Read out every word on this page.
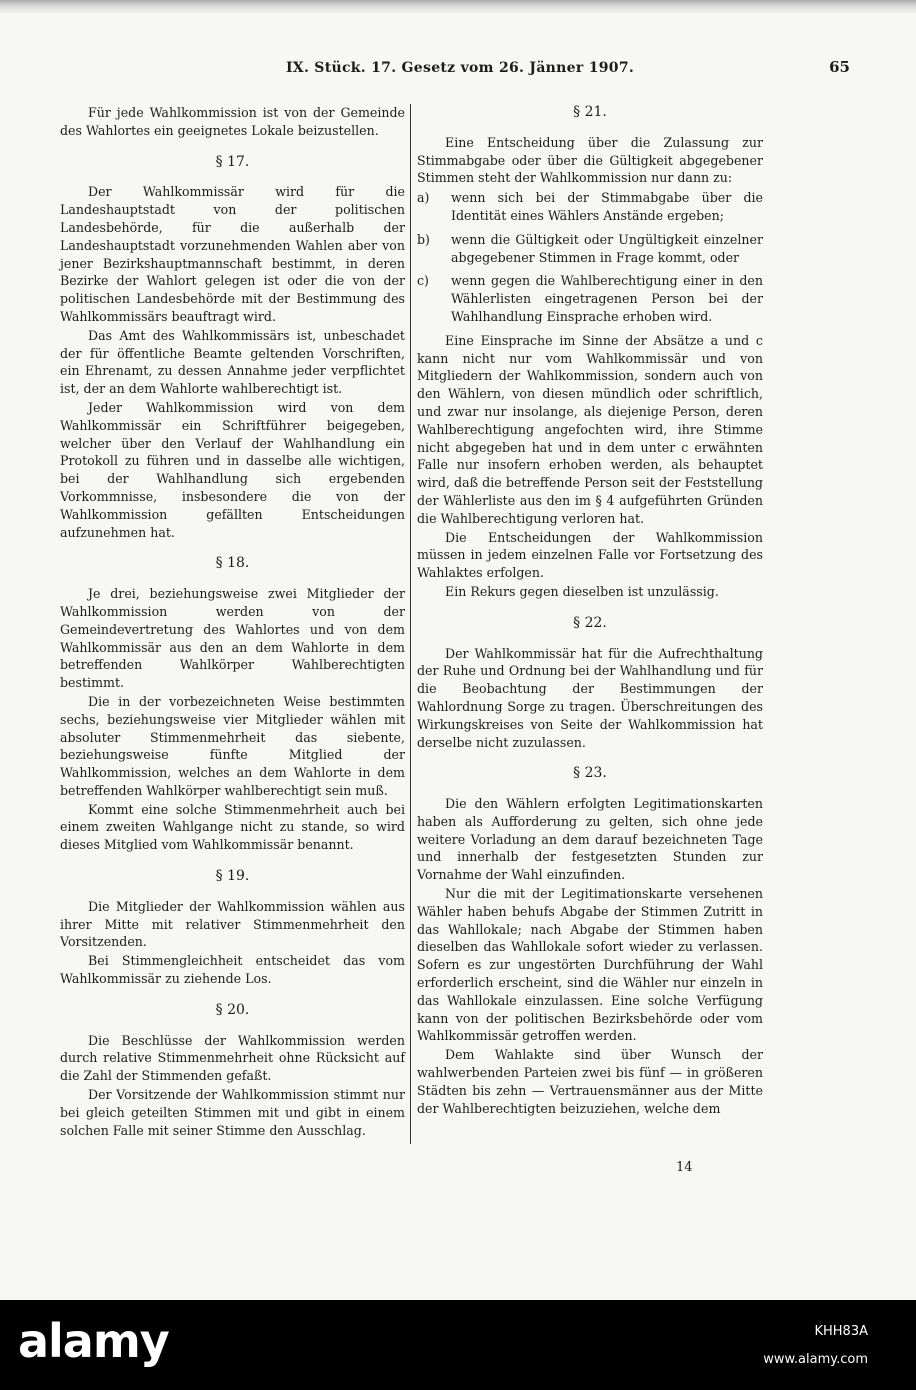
IX. Stück. 17. Gesetz vom 26. Jänner 1907.	65

Für jede Wahlkommission ist von der Gemeinde des Wahlortes ein geeignetes Lokale beizustellen.

§ 17.

Der Wahlkommissär wird für die Landeshauptstadt von der politischen Landesbehörde, für die außerhalb der Landeshauptstadt vorzunehmenden Wahlen aber von jener Bezirkshauptmannschaft bestimmt, in deren Bezirke der Wahlort gelegen ist oder die von der politischen Landesbehörde mit der Bestimmung des Wahlkommissärs beauftragt wird.

Das Amt des Wahlkommissärs ist, unbeschadet der für öffentliche Beamte geltenden Vorschriften, ein Ehrenamt, zu dessen Annahme jeder verpflichtet ist, der an dem Wahlorte wahlberechtigt ist.

Jeder Wahlkommission wird von dem Wahlkommissär ein Schriftführer beigegeben, welcher über den Verlauf der Wahlhandlung ein Protokoll zu führen und in dasselbe alle wichtigen, bei der Wahlhandlung sich ergebenden Vorkommnisse, insbesondere die von der Wahlkommission gefällten Entscheidungen aufzunehmen hat.

§ 18.

Je drei, beziehungsweise zwei Mitglieder der Wahlkommission werden von der Gemeindevertretung des Wahlortes und von dem Wahlkommissär aus den an dem Wahlorte in dem betreffenden Wahlkörper Wahlberechtigten bestimmt.

Die in der vorbezeichneten Weise bestimmten sechs, beziehungsweise vier Mitglieder wählen mit absoluter Stimmenmehrheit das siebente, beziehungsweise fünfte Mitglied der Wahlkommission, welches an dem Wahlorte in dem betreffenden Wahlkörper wahlberechtigt sein muß.

Kommt eine solche Stimmenmehrheit auch bei einem zweiten Wahlgange nicht zu stande, so wird dieses Mitglied vom Wahlkommissär benannt.

§ 19.

Die Mitglieder der Wahlkommission wählen aus ihrer Mitte mit relativer Stimmenmehrheit den Vorsitzenden.

Bei Stimmengleichheit entscheidet das vom Wahlkommissär zu ziehende Los.

§ 20.

Die Beschlüsse der Wahlkommission werden durch relative Stimmenmehrheit ohne Rücksicht auf die Zahl der Stimmenden gefaßt.

Der Vorsitzende der Wahlkommission stimmt nur bei gleich geteilten Stimmen mit und gibt in einem solchen Falle mit seiner Stimme den Ausschlag.

§ 21.

Eine Entscheidung über die Zulassung zur Stimmabgabe oder über die Gültigkeit abgegebener Stimmen steht der Wahlkommission nur dann zu:

a)	wenn sich bei der Stimmabgabe über die Identität eines Wählers Anstände ergeben;
b)	wenn die Gültigkeit oder Ungültigkeit einzelner abgegebener Stimmen in Frage kommt, oder
c)	wenn gegen die Wahlberechtigung einer in den Wählerlisten eingetragenen Person bei der Wahlhandlung Einsprache erhoben wird.

Eine Einsprache im Sinne der Absätze a und c kann nicht nur vom Wahlkommissär und von Mitgliedern der Wahlkommission, sondern auch von den Wählern, von diesen mündlich oder schriftlich, und zwar nur insolange, als diejenige Person, deren Wahlberechtigung angefochten wird, ihre Stimme nicht abgegeben hat und in dem unter c erwähnten Falle nur insofern erhoben werden, als behauptet wird, daß die betreffende Person seit der Feststellung der Wählerliste aus den im § 4 aufgeführten Gründen die Wahlberechtigung verloren hat.

Die Entscheidungen der Wahlkommission müssen in jedem einzelnen Falle vor Fortsetzung des Wahlaktes erfolgen.

Ein Rekurs gegen dieselben ist unzulässig.

§ 22.

Der Wahlkommissär hat für die Aufrechthaltung der Ruhe und Ordnung bei der Wahlhandlung und für die Beobachtung der Bestimmungen der Wahlordnung Sorge zu tragen. Überschreitungen des Wirkungskreises von Seite der Wahlkommission hat derselbe nicht zuzulassen.

§ 23.

Die den Wählern erfolgten Legitimationskarten haben als Aufforderung zu gelten, sich ohne jede weitere Vorladung an dem darauf bezeichneten Tage und innerhalb der festgesetzten Stunden zur Vornahme der Wahl einzufinden.

Nur die mit der Legitimationskarte versehenen Wähler haben behufs Abgabe der Stimmen Zutritt in das Wahllokale; nach Abgabe der Stimmen haben dieselben das Wahllokale sofort wieder zu verlassen. Sofern es zur ungestörten Durchführung der Wahl erforderlich erscheint, sind die Wähler nur einzeln in das Wahllokale einzulassen. Eine solche Verfügung kann von der politischen Bezirksbehörde oder vom Wahlkommissär getroffen werden.

Dem Wahlakte sind über Wunsch der wahlwerbenden Parteien zwei bis fünf — in größeren Städten bis zehn — Vertrauensmänner aus der Mitte der Wahlberechtigten beizuziehen, welche dem

14
alamy	KHH83A
www.alamy.com
